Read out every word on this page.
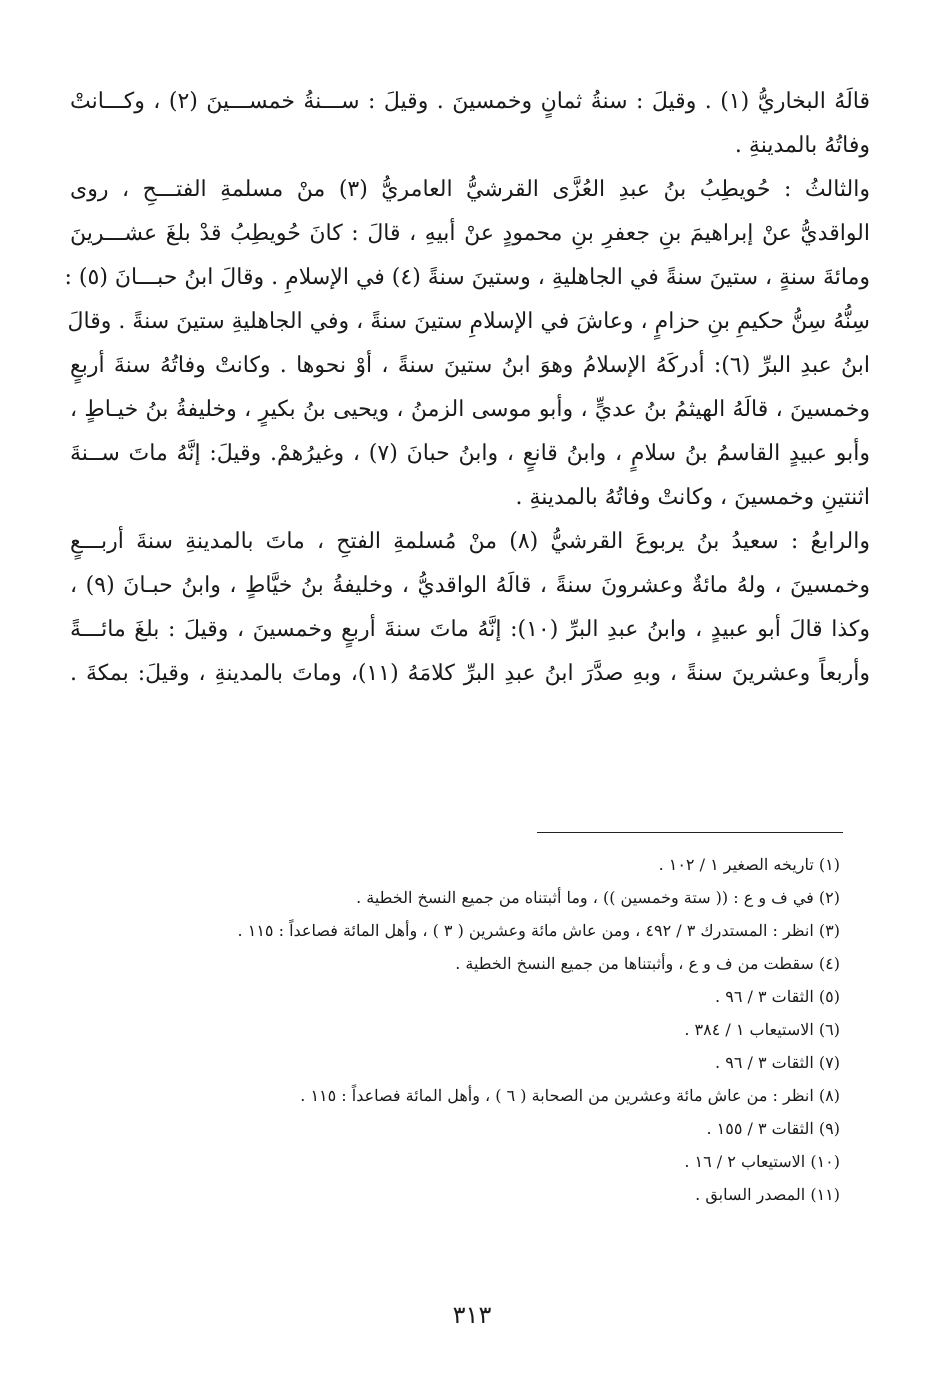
قالَهُ البخاريُّ (١) . وقيلَ : سنةُ ثمانٍ وخمسينَ . وقيلَ : ســـنةُ خمســـينَ (٢) ، وكـــانتْ
وفاتُهُ بالمدينةِ .
والثالثُ : حُويطِبُ بنُ عبدِ العُزَّى القرشيُّ العامريُّ (٣) منْ مسلمةِ الفتـــحِ ، روى
الواقديُّ عنْ إبراهيمَ بنِ جعفرِ بنِ محمودٍ عنْ أبيهِ ، قالَ : كانَ حُويطِبُ قدْ بلغَ عشـــرينَ
ومائةَ سنةٍ ، ستينَ سنةً في الجاهليةِ ، وستينَ سنةً (٤) في الإسلامِ . وقالَ ابنُ حبـــانَ (٥) :
سِنُّهُ سِنُّ حكيمِ بنِ حزامٍ ، وعاشَ في الإسلامِ ستينَ سنةً ، وفي الجاهليةِ ستينَ سنةً . وقالَ
ابنُ عبدِ البرِّ (٦): أدركَهُ الإسلامُ وهوَ ابنُ ستينَ سنةً ، أوْ نحوها . وكانتْ وفاتُهُ سنةَ أربعٍ
وخمسينَ ، قالَهُ الهيثمُ بنُ عديٍّ ، وأبو موسى الزمنُ ، ويحيى بنُ بكيرٍ ، وخليفةُ بنُ خيـاطٍ ،
وأبو عبيدٍ القاسمُ بنُ سلامٍ ، وابنُ قانعٍ ، وابنُ حبانَ (٧) ، وغيرُهمْ. وقيلَ: إنَّهُ ماتَ ســنةَ
اثنتينِ وخمسينَ ، وكانتْ وفاتُهُ بالمدينةِ .
والرابعُ : سعيدُ بنُ يربوعَ القرشيُّ (٨) منْ مُسلمةِ الفتحِ ، ماتَ بالمدينةِ سنةَ أربـــعٍ
وخمسينَ ، ولهُ مائةٌ وعشرونَ سنةً ، قالَهُ الواقديُّ ، وخليفةُ بنُ خيَّاطٍ ، وابنُ حبـانَ (٩) ،
وكذا قالَ أبو عبيدٍ ، وابنُ عبدِ البرِّ (١٠): إنَّهُ ماتَ سنةَ أربعٍ وخمسينَ ، وقيلَ : بلغَ مائـــةً
وأربعاً وعشرينَ سنةً ، وبهِ صدَّرَ ابنُ عبدِ البرِّ كلامَهُ (١١)، وماتَ بالمدينةِ ، وقيلَ: بمكةَ .
(١) تاريخه الصغير ١ / ١٠٢ .
(٢) في ف و ع : (( ستة وخمسين )) ، وما أثبتناه من جميع النسخ الخطية .
(٣) انظر : المستدرك ٣ / ٤٩٢ ، ومن عاش مائة وعشرين ( ٣ ) ، وأهل المائة فصاعداً : ١١٥ .
(٤) سقطت من ف و ع ، وأثبتناها من جميع النسخ الخطية .
(٥) الثقات ٣ / ٩٦ .
(٦) الاستيعاب ١ / ٣٨٤ .
(٧) الثقات ٣ / ٩٦ .
(٨) انظر : من عاش مائة وعشرين من الصحابة ( ٦ ) ، وأهل المائة فصاعداً : ١١٥ .
(٩) الثقات ٣ / ١٥٥ .
(١٠) الاستيعاب ٢ / ١٦ .
(١١) المصدر السابق .
٣١٣
